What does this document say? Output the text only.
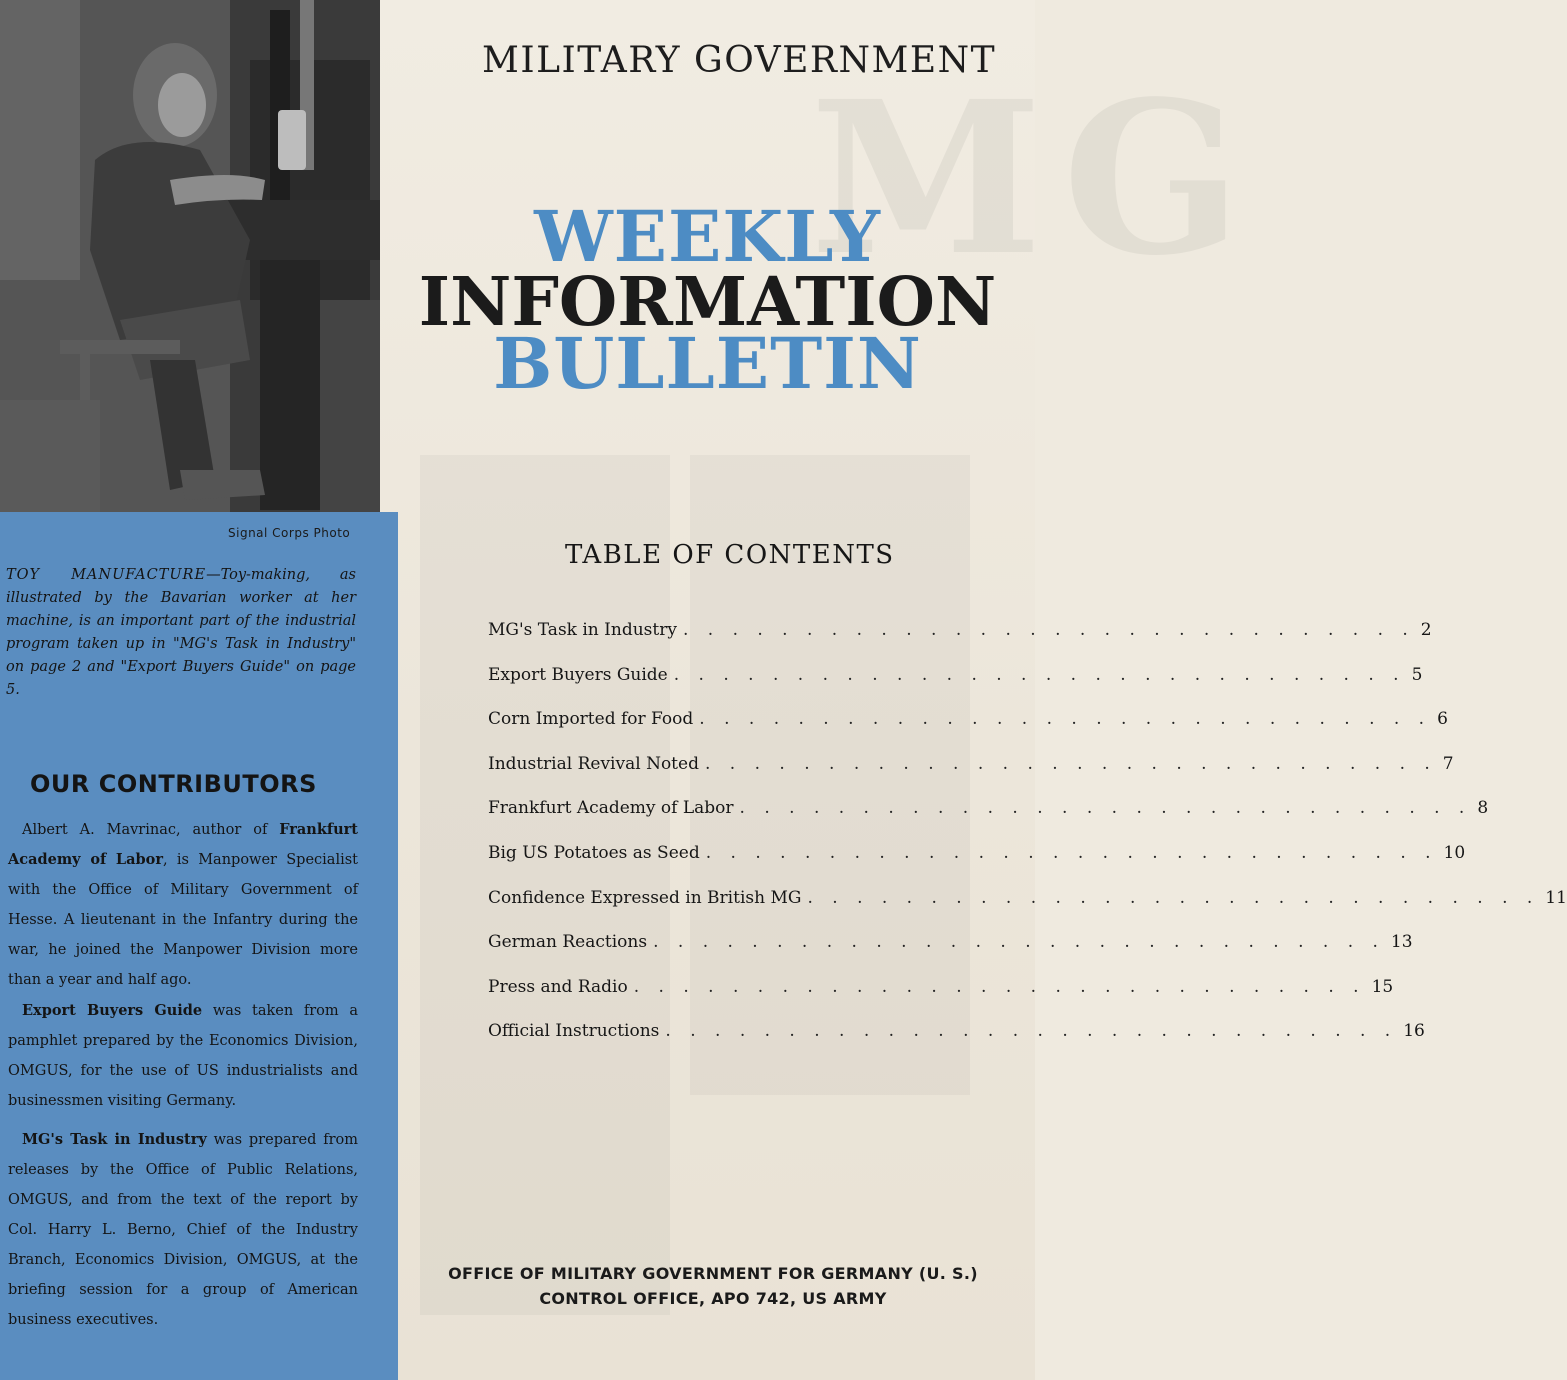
MG
Signal Corps Photo
TOY MANUFACTURE—Toy-making, as illustrated by the Bavarian worker at her machine, is an important part of the industrial program taken up in "MG's Task in Industry" on page 2 and "Export Buyers Guide" on page 5.
OUR CONTRIBUTORS
Albert A. Mavrinac, author of Frankfurt Academy of Labor, is Manpower Specialist with the Office of Military Government of Hesse. A lieutenant in the Infantry during the war, he joined the Manpower Division more than a year and half ago.
Export Buyers Guide was taken from a pamphlet prepared by the Economics Division, OMGUS, for the use of US industrialists and businessmen visiting Germany.
MG's Task in Industry was prepared from releases by the Office of Public Relations, OMGUS, and from the text of the report by Col. Harry L. Berno, Chief of the Industry Branch, Economics Division, OMGUS, at the briefing session for a group of American business executives.
MILITARY GOVERNMENT
WEEKLY
INFORMATION
BULLETIN
TABLE OF CONTENTS
MG's Task in Industry . . . . . . . . . . . . . . . . . . . . . . . . . . . . . . 2
Export Buyers Guide . . . . . . . . . . . . . . . . . . . . . . . . . . . . . . 5
Corn Imported for Food . . . . . . . . . . . . . . . . . . . . . . . . . . . . . . 6
Industrial Revival Noted . . . . . . . . . . . . . . . . . . . . . . . . . . . . . . 7
Frankfurt Academy of Labor . . . . . . . . . . . . . . . . . . . . . . . . . . . . . . 8
Big US Potatoes as Seed . . . . . . . . . . . . . . . . . . . . . . . . . . . . . . 10
Confidence Expressed in British MG . . . . . . . . . . . . . . . . . . . . . . . . . . . . . . 11
German Reactions . . . . . . . . . . . . . . . . . . . . . . . . . . . . . . 13
Press and Radio . . . . . . . . . . . . . . . . . . . . . . . . . . . . . . 15
Official Instructions . . . . . . . . . . . . . . . . . . . . . . . . . . . . . . 16
OFFICE OF MILITARY GOVERNMENT FOR GERMANY (U. S.)
CONTROL OFFICE, APO 742, US ARMY
